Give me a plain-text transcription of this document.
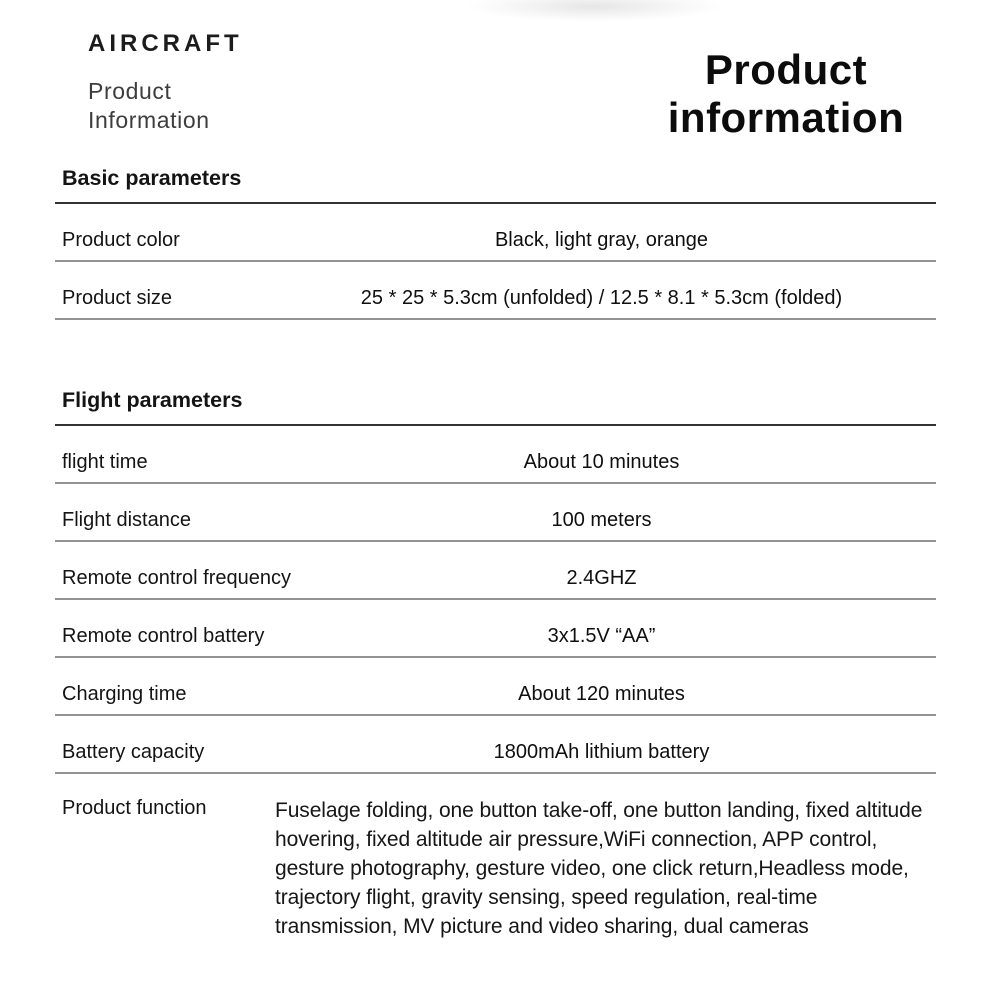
AIRCRAFT
Product
Information
Product
information
Basic parameters
Product color	Black, light gray, orange
Product size	25 * 25 * 5.3cm (unfolded) / 12.5 * 8.1 * 5.3cm (folded)
Flight parameters
flight time	About 10 minutes
Flight distance	100 meters
Remote control frequency	2.4GHZ
Remote control battery	3x1.5V “AA”
Charging time	About 120 minutes
Battery capacity	1800mAh lithium battery
Product function	Fuselage folding, one button take-off, one button landing, fixed altitude hovering, fixed altitude air pressure,WiFi connection, APP control, gesture photography, gesture video, one click return,Headless mode, trajectory flight, gravity sensing, speed regulation, real-time transmission, MV picture and video sharing, dual cameras
